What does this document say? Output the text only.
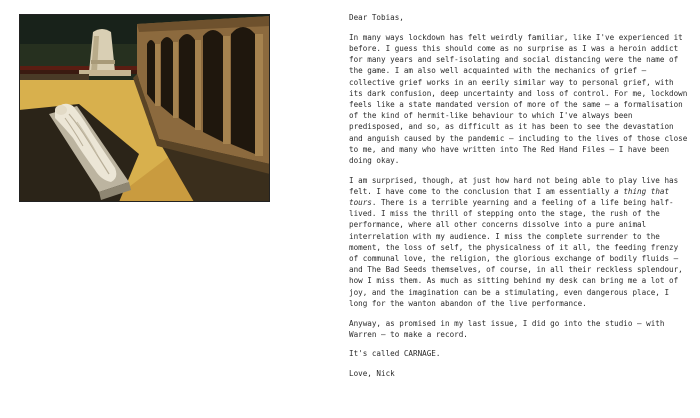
Dear Tobias,

In many ways lockdown has felt weirdly familiar, like I've experienced it before. I guess this should come as no surprise as I was a heroin addict for many years and self-isolating and social distancing were the name of the game. I am also well acquainted with the mechanics of grief — collective grief works in an eerily similar way to personal grief, with its dark confusion, deep uncertainty and loss of control. For me, lockdown feels like a state mandated version of more of the same — a formalisation of the kind of hermit-like behaviour to which I've always been predisposed, and so, as difficult as it has been to see the devastation and anguish caused by the pandemic — including to the lives of those close to me, and many who have written into The Red Hand Files — I have been doing okay.

I am surprised, though, at just how hard not being able to play live has felt. I have come to the conclusion that I am essentially a thing that tours. There is a terrible yearning and a feeling of a life being half-lived. I miss the thrill of stepping onto the stage, the rush of the performance, where all other concerns dissolve into a pure animal interrelation with my audience. I miss the complete surrender to the moment, the loss of self, the physicalness of it all, the feeding frenzy of communal love, the religion, the glorious exchange of bodily fluids — and The Bad Seeds themselves, of course, in all their reckless splendour, how I miss them. As much as sitting behind my desk can bring me a lot of joy, and the imagination can be a stimulating, even dangerous place, I long for the wanton abandon of the live performance.

Anyway, as promised in my last issue, I did go into the studio — with Warren — to make a record.

It's called CARNAGE.

Love, Nick
